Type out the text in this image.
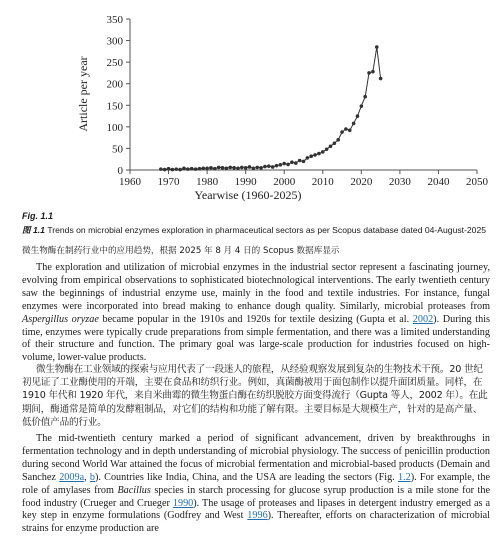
0
50
100
150
200
250
300
350
1960 1970 1980 1990 2000 2010 2020 2030 2040 2050
Article per year
Yearwise (1960-2025)
Fig. 1.1
图 1.1 Trends on microbial enzymes exploration in pharmaceutical sectors as per Scopus database dated 04-August-2025
微生物酶在制药行业中的应用趋势，根据 2025 年 8 月 4 日的 Scopus 数据库显示

The exploration and utilization of microbial enzymes in the industrial sector represent a fascinating journey, evolving from empirical observations to sophisticated biotechnological interventions. The early twentieth century saw the beginnings of industrial enzyme use, mainly in the food and textile industries. For instance, fungal enzymes were incorporated into bread making to enhance dough quality. Similarly, microbial proteases from Aspergillus oryzae became popular in the 1910s and 1920s for textile desizing (Gupta et al. 2002). During this time, enzymes were typically crude preparations from simple fermentation, and there was a limited understanding of their structure and function. The primary goal was large-scale production for industries focused on high-volume, lower-value products.

微生物酶在工业领域的探索与应用代表了一段迷人的旅程，从经验观察发展到复杂的生物技术干预。20 世纪初见证了工业酶使用的开端，主要在食品和纺织行业。例如，真菌酶被用于面包制作以提升面团质量。同样，在 1910 年代和 1920 年代，来自米曲霉的微生物蛋白酶在纺织脱胶方面变得流行（Gupta 等人，2002 年）。在此期间，酶通常是简单的发酵粗制品，对它们的结构和功能了解有限。主要目标是大规模生产，针对的是高产量、低价值产品的行业。

The mid-twentieth century marked a period of significant advancement, driven by breakthroughs in fermentation technology and in depth understanding of microbial physiology. The success of penicillin production during second World War attained the focus of microbial fermentation and microbial-based products (Demain and Sanchez 2009a, b). Countries like India, China, and the USA are leading the sectors (Fig. 1.2). For example, the role of amylases from Bacillus species in starch processing for glucose syrup production is a mile stone for the food industry (Crueger and Crueger 1990). The usage of proteases and lipases in detergent industry emerged as a key step in enzyme formulations (Godfrey and West 1996). Thereafter, efforts on characterization of microbial strains for enzyme production are
